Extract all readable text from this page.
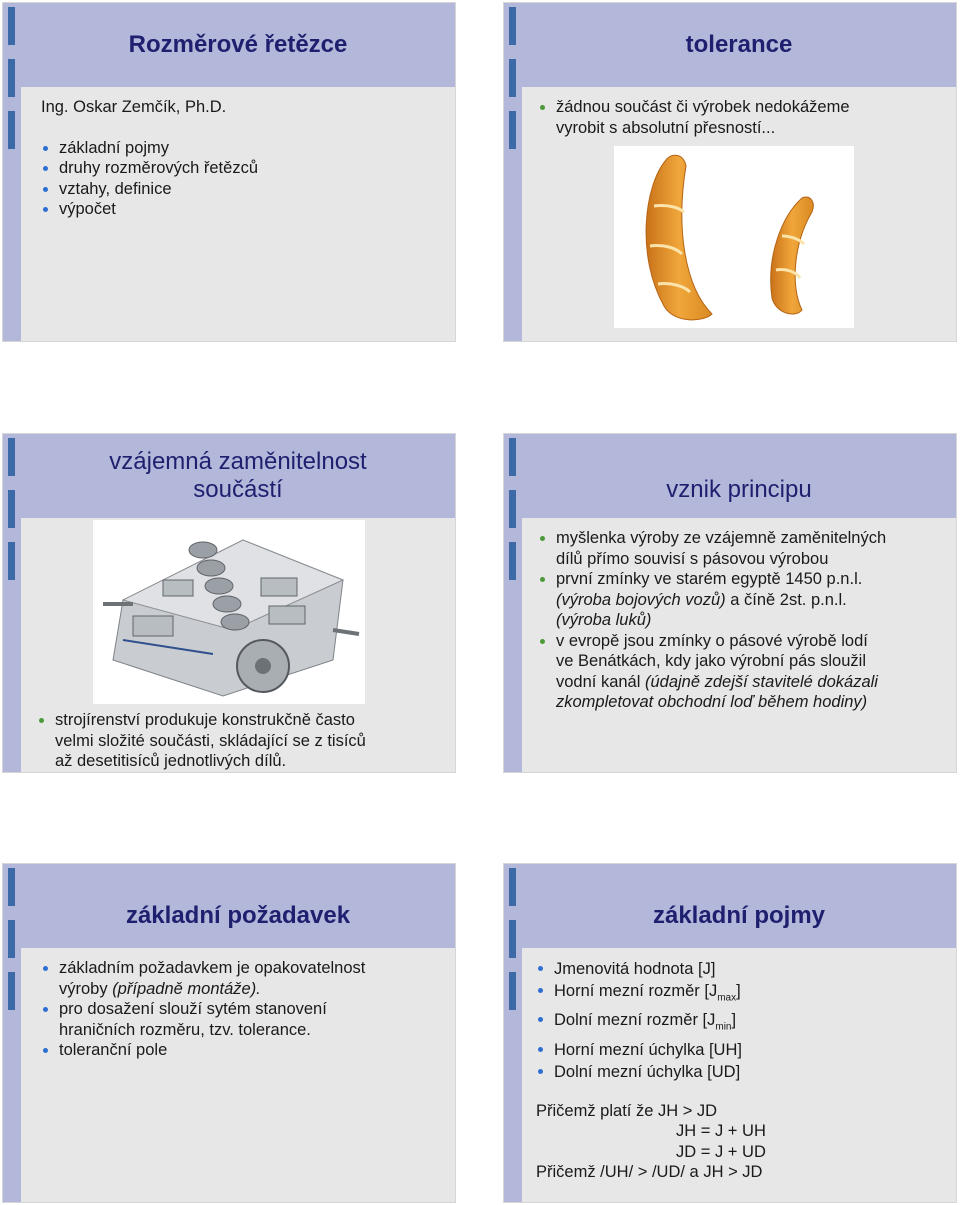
Rozměrové řetězce
Ing. Oskar Zemčík, Ph.D.
základní pojmy
druhy rozměrových řetězců
vztahy, definice
výpočet
tolerance
žádnou součást či výrobek nedokážeme
vyrobit s absolutní přesností...
vzájemná zaměnitelnost
součástí
strojírenství produkuje konstrukčně často
velmi složité součásti, skládající se z tisíců
až desetitisíců jednotlivých dílů.
vznik principu
myšlenka výroby ze vzájemně zaměnitelných
dílů přímo souvisí s pásovou výrobou
první zmínky ve starém egyptě 1450 p.n.l.
(výroba bojových vozů) a číně 2st. p.n.l.
(výroba luků)
v evropě jsou zmínky o pásové výrobě lodí
ve Benátkách, kdy jako výrobní pás sloužil
vodní kanál (údajně zdejší stavitelé dokázali
zkompletovat obchodní loď během hodiny)
základní požadavek
základním požadavkem je opakovatelnost
výroby (případně montáže).
pro dosažení slouží sytém stanovení
hraničních rozměru, tzv. tolerance.
toleranční pole
základní pojmy
Jmenovitá hodnota [J]
Horní mezní rozměr $[J_{max}]$
Dolní mezní rozměr $[J_{min}]$
Horní mezní úchylka [UH]
Dolní mezní úchylka [UD]
Přičemž platí že JH > JD
JH = J + UH
JD = J + UD
Přičemž /UH/ > /UD/ a JH > JD
